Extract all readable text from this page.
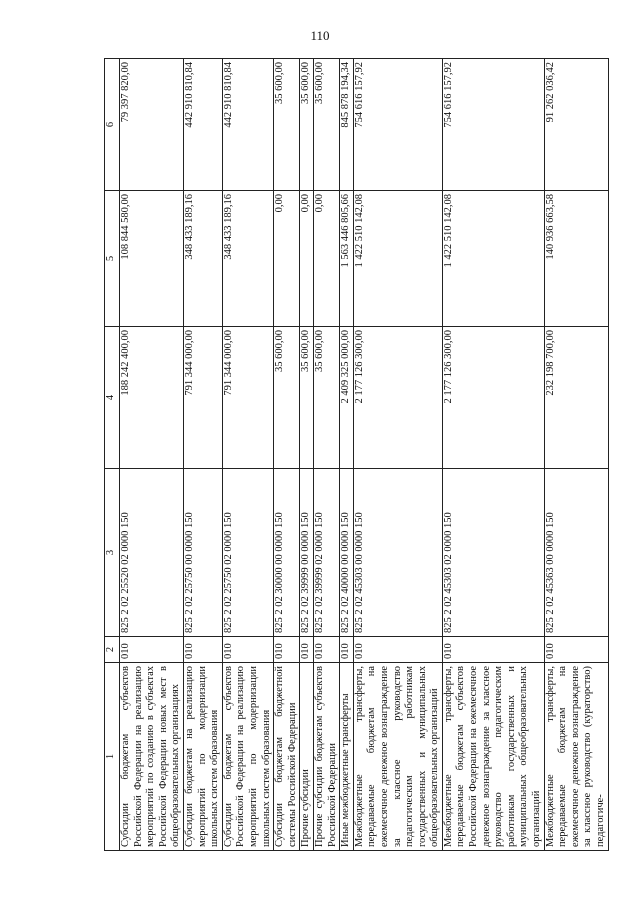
110
1	2	3	4	5	6
Субсидии бюджетам субъектов Российской Федерации на реализацию мероприятий по созданию в субъектах Российской Федерации новых мест в общеобразовательных организациях	010	825 2 02 25520 02 0000 150	188 242 400,00	108 844 580,00	79 397 820,00
Субсидии бюджетам на реализацию мероприятий по модернизации школьных систем образования	010	825 2 02 25750 00 0000 150	791 344 000,00	348 433 189,16	442 910 810,84
Субсидии бюджетам субъектов Российской Федерации на реализацию мероприятий по модернизации школьных систем образования	010	825 2 02 25750 02 0000 150	791 344 000,00	348 433 189,16	442 910 810,84
Субсидии бюджетам бюджетной системы Российской Федерации	010	825 2 02 30000 00 0000 150	35 600,00	0,00	35 600,00
Прочие субсидии	010	825 2 02 39999 00 0000 150	35 600,00	0,00	35 600,00
Прочие субсидии бюджетам субъектов Российской Федерации	010	825 2 02 39999 02 0000 150	35 600,00	0,00	35 600,00
Иные межбюджетные трансферты	010	825 2 02 40000 00 0000 150	2 409 325 000,00	1 563 446 805,66	845 878 194,34
Межбюджетные трансферты, передаваемые бюджетам на ежемесячное денежное вознаграждение за классное руководство педагогическим работникам государственных и муниципальных общеобразовательных организаций	010	825 2 02 45303 00 0000 150	2 177 126 300,00	1 422 510 142,08	754 616 157,92
Межбюджетные трансферты, передаваемые бюджетам субъектов Российской Федерации на ежемесячное денежное вознаграждение за классное руководство педагогическим работникам государственных и муниципальных общеобразовательных организаций	010	825 2 02 45303 02 0000 150	2 177 126 300,00	1 422 510 142,08	754 616 157,92
Межбюджетные трансферты, передаваемые бюджетам на ежемесячное денежное вознаграждение за классное руководство (кураторство) педагогиче-	010	825 2 02 45363 00 0000 150	232 198 700,00	140 936 663,58	91 262 036,42
